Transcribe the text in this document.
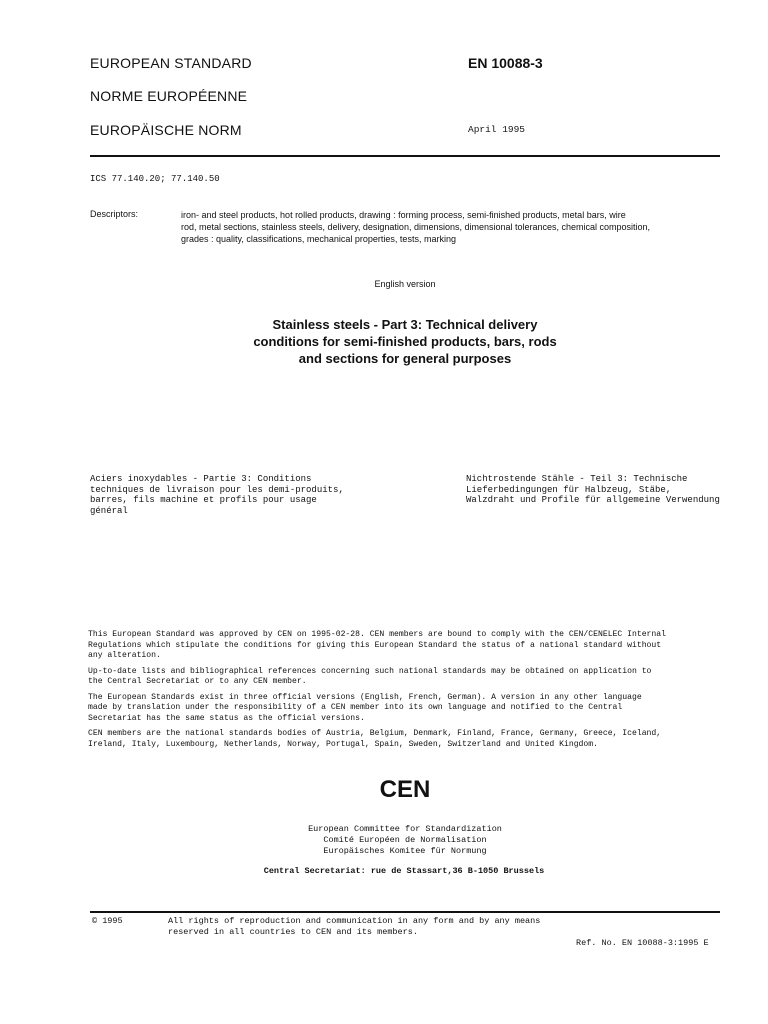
EUROPEAN STANDARD
NORME EUROPÉENNE
EUROPÄISCHE NORM
EN 10088-3
April 1995
ICS 77.140.20; 77.140.50
Descriptors:	iron- and steel products, hot rolled products, drawing : forming process, semi-finished products, metal bars, wire
rod, metal sections, stainless steels, delivery, designation, dimensions, dimensional tolerances, chemical composition,
grades : quality, classifications, mechanical properties, tests, marking
English version
Stainless steels - Part 3: Technical delivery
conditions for semi-finished products, bars, rods
and sections for general purposes
Aciers inoxydables - Partie 3: Conditions
techniques de livraison pour les demi-produits,
barres, fils machine et profils pour usage
général
Nichtrostende Stähle - Teil 3: Technische
Lieferbedingungen für Halbzeug, Stäbe,
Walzdraht und Profile für allgemeine Verwendung
This European Standard was approved by CEN on 1995-02-28. CEN members are bound to comply with the CEN/CENELEC Internal
Regulations which stipulate the conditions for giving this European Standard the status of a national standard without
any alteration.
Up-to-date lists and bibliographical references concerning such national standards may be obtained on application to
the Central Secretariat or to any CEN member.
The European Standards exist in three official versions (English, French, German). A version in any other language
made by translation under the responsibility of a CEN member into its own language and notified to the Central
Secretariat has the same status as the official versions.
CEN members are the national standards bodies of Austria, Belgium, Denmark, Finland, France, Germany, Greece, Iceland,
Ireland, Italy, Luxembourg, Netherlands, Norway, Portugal, Spain, Sweden, Switzerland and United Kingdom.
CEN
European Committee for Standardization
Comité Européen de Normalisation
Europäisches Komitee für Normung
Central Secretariat: rue de Stassart,36 B-1050 Brussels
© 1995	All rights of reproduction and communication in any form and by any means
reserved in all countries to CEN and its members.
Ref. No. EN 10088-3:1995 E
